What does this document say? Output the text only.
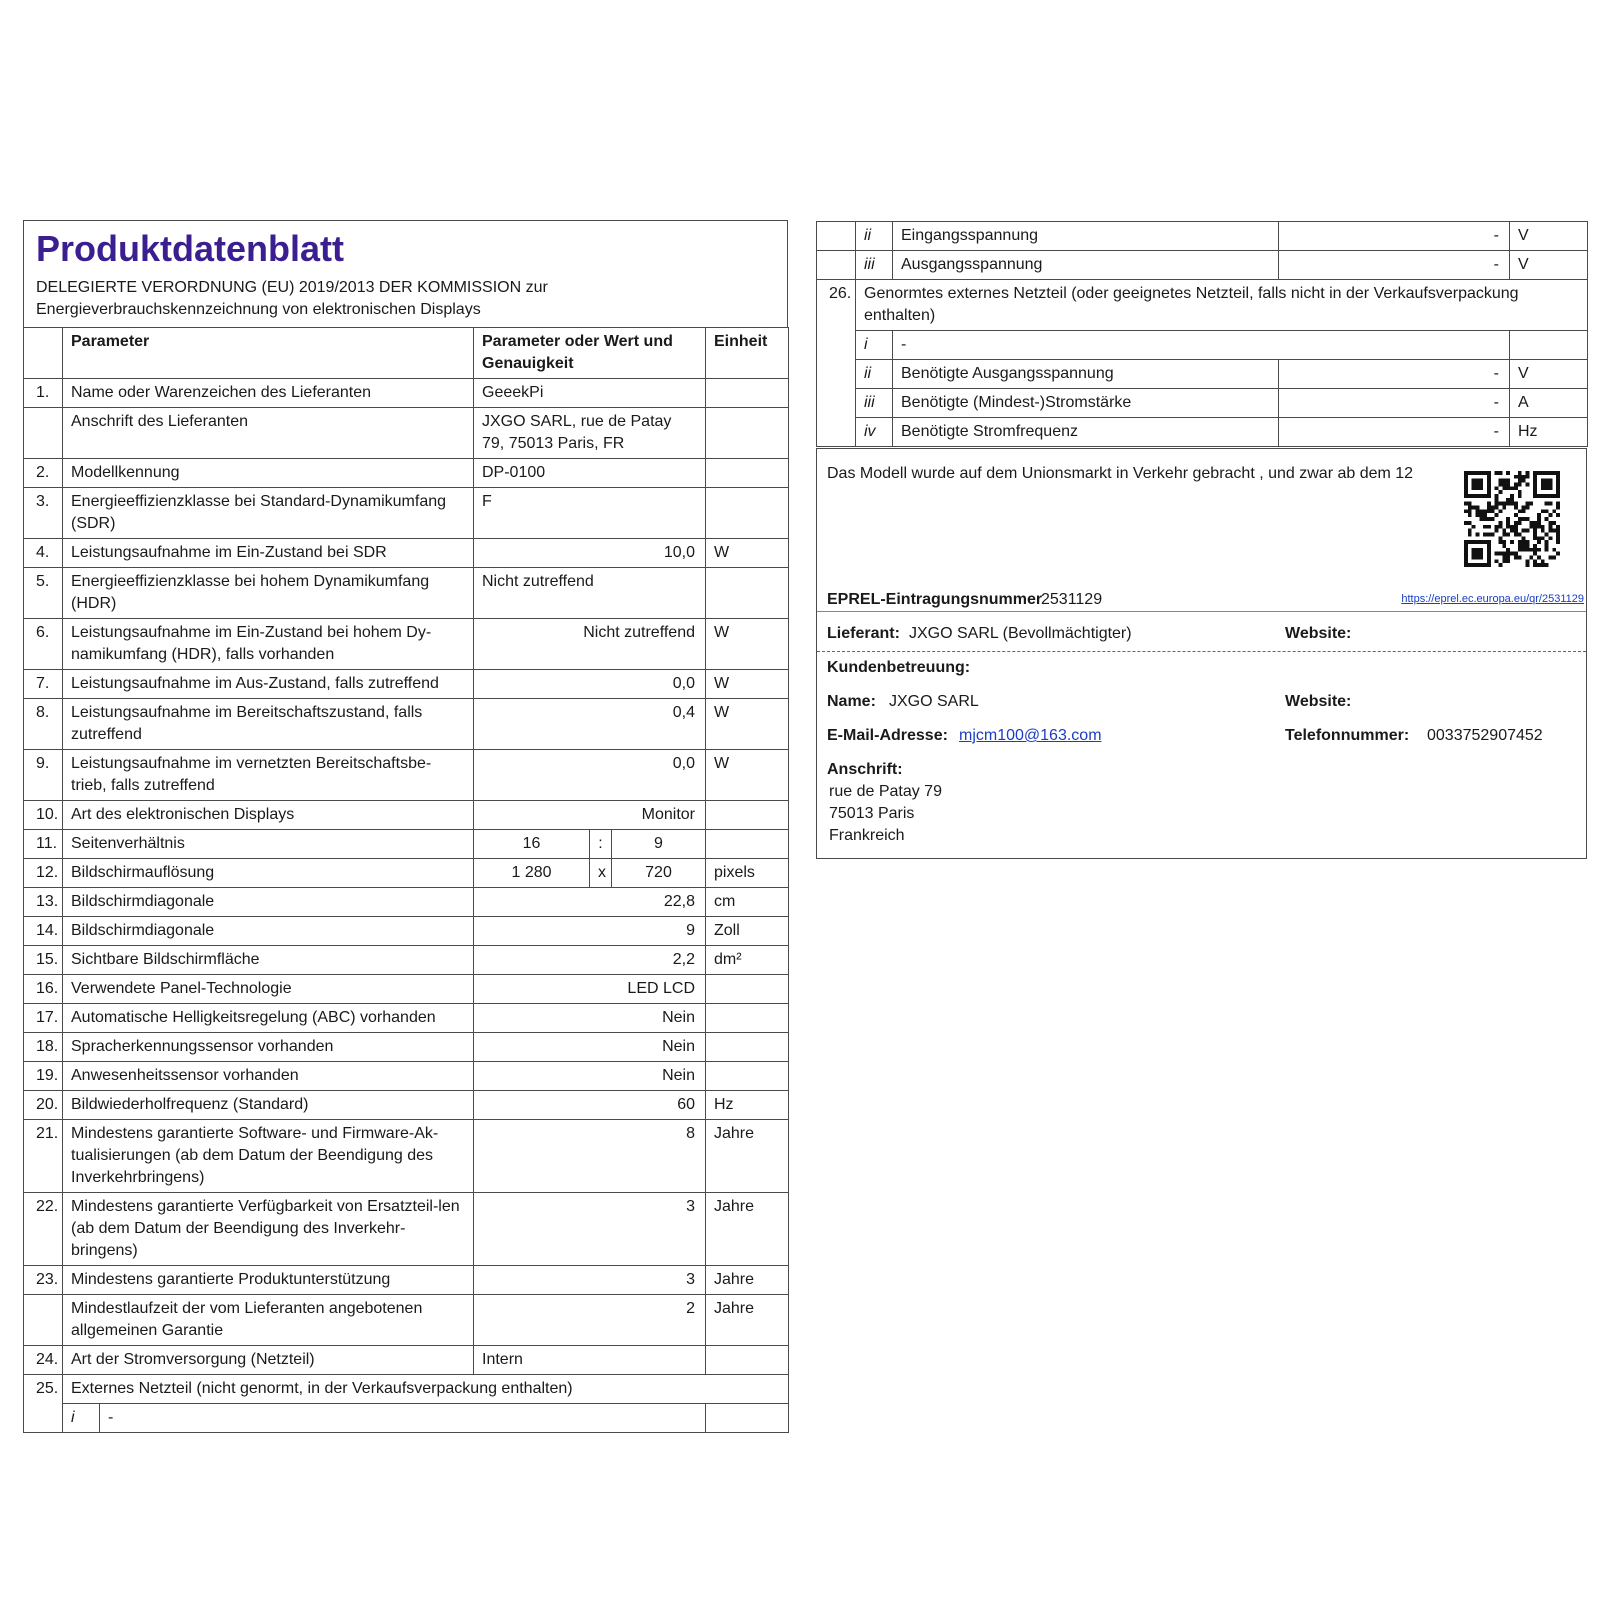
Produktdatenblatt
DELEGIERTE VERORDNUNG (EU) 2019/2013 DER KOMMISSION zur
Energieverbrauchskennzeichnung von elektronischen Displays
	Parameter		Parameter oder Wert und Genauigkeit			Einheit
1.	Name oder Warenzeichen des Lieferanten		GeeekPi			
	Anschrift des Lieferanten		JXGO SARL, rue de Patay 79, 75013 Paris, FR			
2.	Modellkennung		DP-0100			
3.	Energieeffizienzklasse bei Standard-Dynamikumfang (SDR)		F			
4.	Leistungsaufnahme im Ein-Zustand bei SDR		10,0			W
5.	Energieeffizienzklasse bei hohem Dynamikumfang (HDR)		Nicht zutreffend			
6.	Leistungsaufnahme im Ein-Zustand bei hohem Dy-namikumfang (HDR), falls vorhanden		Nicht zutreffend			W
7.	Leistungsaufnahme im Aus-Zustand, falls zutreffend		0,0			W
8.	Leistungsaufnahme im Bereitschaftszustand, falls zutreffend		0,4			W
9.	Leistungsaufnahme im vernetzten Bereitschaftsbe-trieb, falls zutreffend		0,0			W
10.	Art des elektronischen Displays		Monitor			
11.	Seitenverhältnis		16	:	9	
12.	Bildschirmauflösung		1 280	x	720	pixels
13.	Bildschirmdiagonale		22,8			cm
14.	Bildschirmdiagonale		9			Zoll
15.	Sichtbare Bildschirmfläche		2,2			dm²
16.	Verwendete Panel-Technologie		LED LCD			
17.	Automatische Helligkeitsregelung (ABC) vorhanden		Nein			
18.	Spracherkennungssensor vorhanden		Nein			
19.	Anwesenheitssensor vorhanden		Nein			
20.	Bildwiederholfrequenz (Standard)		60			Hz
21.	Mindestens garantierte Software- und Firmware-Ak-tualisierungen (ab dem Datum der Beendigung des Inverkehrbringens)		8			Jahre
22.	Mindestens garantierte Verfügbarkeit von Ersatzteil-len (ab dem Datum der Beendigung des Inverkehr-bringens)		3			Jahre
23.	Mindestens garantierte Produktunterstützung		3			Jahre
	Mindestlaufzeit der vom Lieferanten angebotenen allgemeinen Garantie		2			Jahre
24.	Art der Stromversorgung (Netzteil)		Intern			
25.	Externes Netzteil (nicht genormt, in der Verkaufsverpackung enthalten)					
	i	-				
	ii	Eingangsspannung	-	V
	iii	Ausgangsspannung	-	V
26.	Genormtes externes Netzteil (oder geeignetes Netzteil, falls nicht in der Verkaufsverpackung enthalten)			
	i	-		
	ii	Benötigte Ausgangsspannung	-	V
	iii	Benötigte (Mindest-)Stromstärke	-	A
	iv	Benötigte Stromfrequenz	-	Hz
Das Modell wurde auf dem Unionsmarkt in Verkehr gebracht , und zwar ab dem 12
EPREL-Eintragungsnummer
2531129	https://eprel.ec.europa.eu/qr/2531129
Lieferant: JXGO SARL (Bevollmächtigter)	Website:
Kundenbetreuung:
Name: JXGO SARL	Website:
E-Mail-Adresse: mjcm100@163.com	Telefonnummer: 0033752907452
Anschrift:
rue de Patay 79
75013 Paris
Frankreich
